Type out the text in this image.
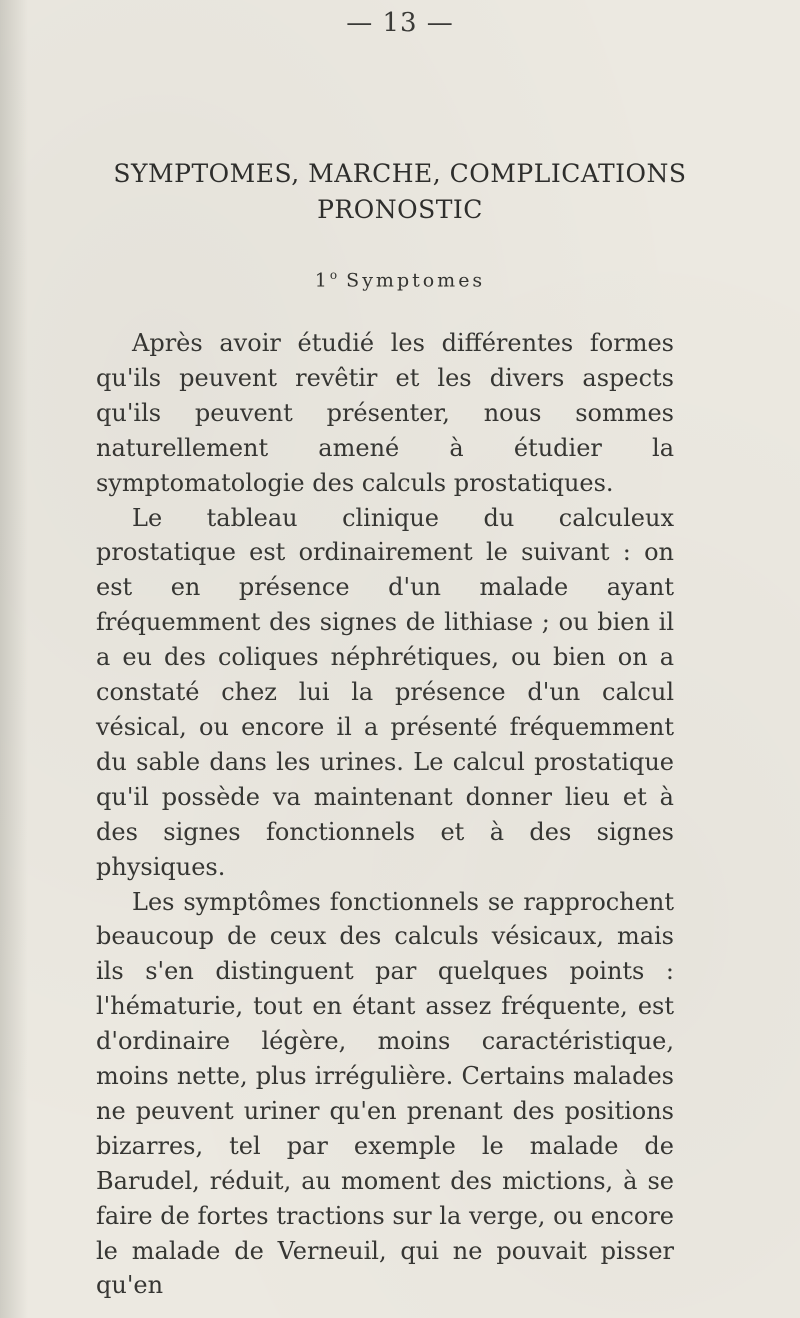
— 13 —
SYMPTOMES, MARCHE, COMPLICATIONS
PRONOSTIC
1$^o$ Symptomes

Après avoir étudié les différentes formes qu'ils peuvent revêtir et les divers aspects qu'ils peuvent présenter, nous sommes naturellement amené à étudier la symptomatologie des calculs prostatiques.

Le tableau clinique du calculeux prostatique est ordinairement le suivant : on est en présence d'un malade ayant fréquemment des signes de lithiase ; ou bien il a eu des coliques néphrétiques, ou bien on a constaté chez lui la présence d'un calcul vésical, ou encore il a présenté fréquemment du sable dans les urines. Le calcul prostatique qu'il possède va maintenant donner lieu et à des signes fonctionnels et à des signes physiques.

Les symptômes fonctionnels se rapprochent beaucoup de ceux des calculs vésicaux, mais ils s'en distinguent par quelques points : l'hématurie, tout en étant assez fréquente, est d'ordinaire légère, moins caractéristique, moins nette, plus irrégulière. Certains malades ne peuvent uriner qu'en prenant des positions bizarres, tel par exemple le malade de Barudel, réduit, au moment des mictions, à se faire de fortes tractions sur la verge, ou encore le malade de Verneuil, qui ne pouvait pisser qu'en
